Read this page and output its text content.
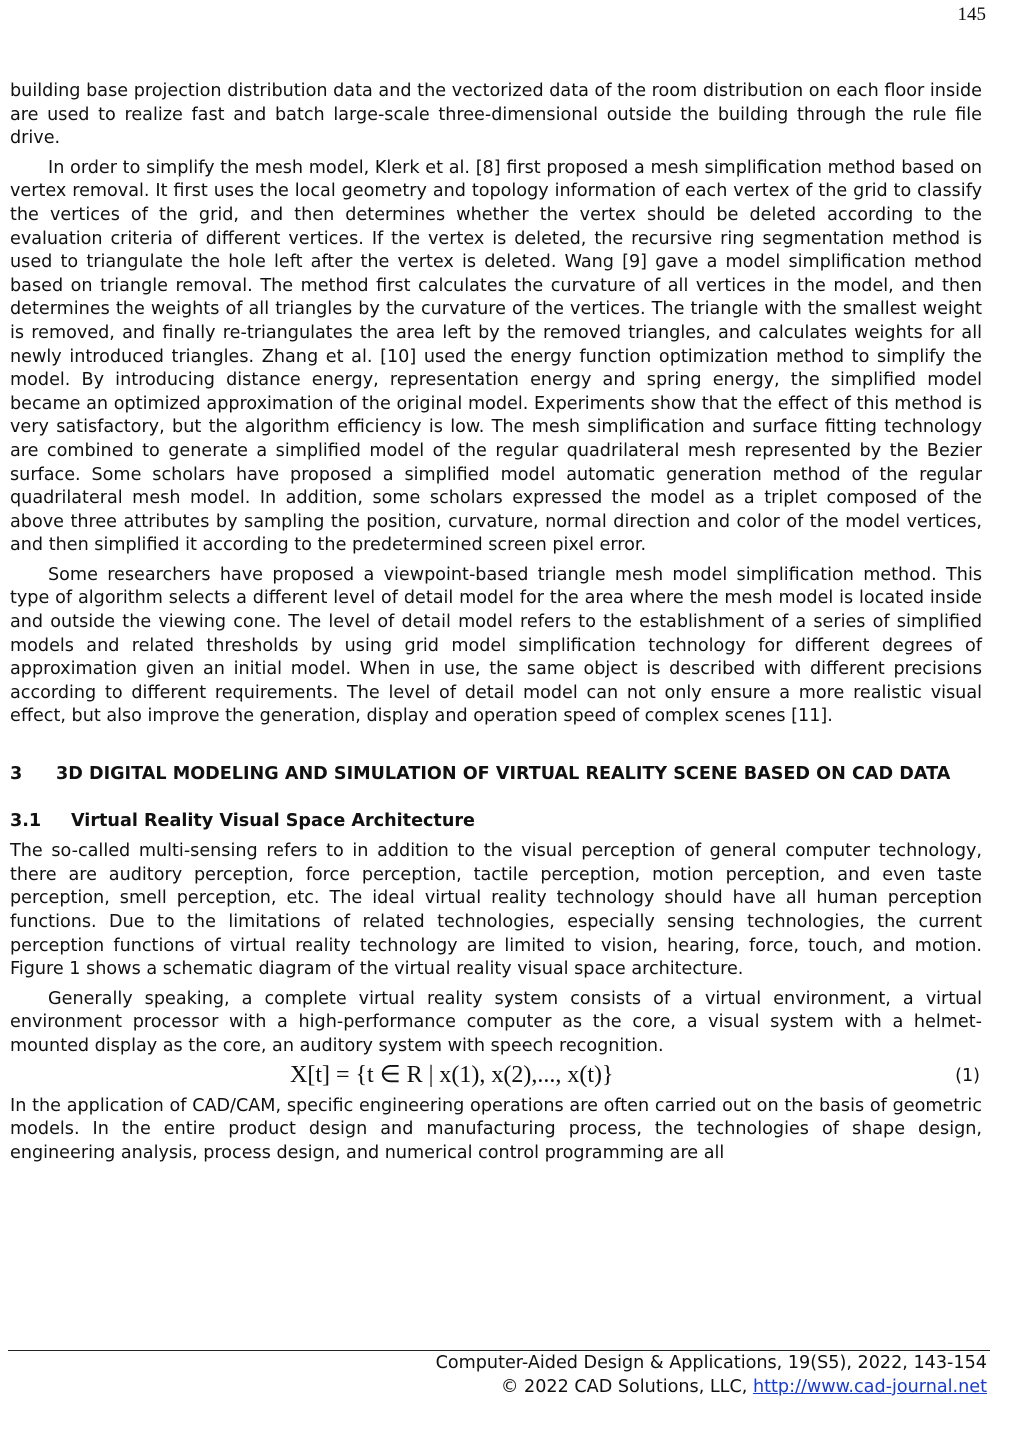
145

building base projection distribution data and the vectorized data of the room distribution on each floor inside are used to realize fast and batch large-scale three-dimensional outside the building through the rule file drive.

In order to simplify the mesh model, Klerk et al. [8] first proposed a mesh simplification method based on vertex removal. It first uses the local geometry and topology information of each vertex of the grid to classify the vertices of the grid, and then determines whether the vertex should be deleted according to the evaluation criteria of different vertices. If the vertex is deleted, the recursive ring segmentation method is used to triangulate the hole left after the vertex is deleted. Wang [9] gave a model simplification method based on triangle removal. The method first calculates the curvature of all vertices in the model, and then determines the weights of all triangles by the curvature of the vertices. The triangle with the smallest weight is removed, and finally re-triangulates the area left by the removed triangles, and calculates weights for all newly introduced triangles. Zhang et al. [10] used the energy function optimization method to simplify the model. By introducing distance energy, representation energy and spring energy, the simplified model became an optimized approximation of the original model. Experiments show that the effect of this method is very satisfactory, but the algorithm efficiency is low. The mesh simplification and surface fitting technology are combined to generate a simplified model of the regular quadrilateral mesh represented by the Bezier surface. Some scholars have proposed a simplified model automatic generation method of the regular quadrilateral mesh model. In addition, some scholars expressed the model as a triplet composed of the above three attributes by sampling the position, curvature, normal direction and color of the model vertices, and then simplified it according to the predetermined screen pixel error.

Some researchers have proposed a viewpoint-based triangle mesh model simplification method. This type of algorithm selects a different level of detail model for the area where the mesh model is located inside and outside the viewing cone. The level of detail model refers to the establishment of a series of simplified models and related thresholds by using grid model simplification technology for different degrees of approximation given an initial model. When in use, the same object is described with different precisions according to different requirements. The level of detail model can not only ensure a more realistic visual effect, but also improve the generation, display and operation speed of complex scenes [11].

3	3D DIGITAL MODELING AND SIMULATION OF VIRTUAL REALITY SCENE BASED ON CAD DATA
3.1	Virtual Reality Visual Space Architecture

The so-called multi-sensing refers to in addition to the visual perception of general computer technology, there are auditory perception, force perception, tactile perception, motion perception, and even taste perception, smell perception, etc. The ideal virtual reality technology should have all human perception functions. Due to the limitations of related technologies, especially sensing technologies, the current perception functions of virtual reality technology are limited to vision, hearing, force, touch, and motion. Figure 1 shows a schematic diagram of the virtual reality visual space architecture.

Generally speaking, a complete virtual reality system consists of a virtual environment, a virtual environment processor with a high-performance computer as the core, a visual system with a helmet-mounted display as the core, an auditory system with speech recognition.

X[t] = {t ∈ R | x(1), x(2),..., x(t)}	(1)

In the application of CAD/CAM, specific engineering operations are often carried out on the basis of geometric models. In the entire product design and manufacturing process, the technologies of shape design, engineering analysis, process design, and numerical control programming are all

Computer-Aided Design & Applications, 19(S5), 2022, 143-154
© 2022 CAD Solutions, LLC, http://www.cad-journal.net
